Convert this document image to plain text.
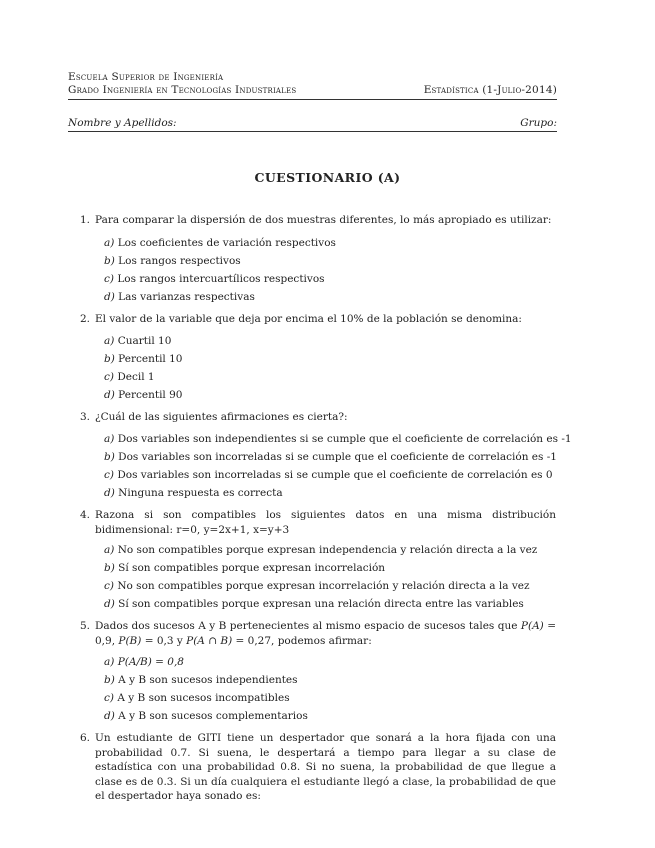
Escuela Superior de Ingeniería
Grado Ingeniería en Tecnologías Industriales	Estadística (1-Julio-2014)
Nombre y Apellidos:	Grupo:
CUESTIONARIO (A)
1. Para comparar la dispersión de dos muestras diferentes, lo más apropiado es utilizar:
a) Los coeficientes de variación respectivos
b) Los rangos respectivos
c) Los rangos intercuartílicos respectivos
d) Las varianzas respectivas
2. El valor de la variable que deja por encima el 10% de la población se denomina:
a) Cuartil 10
b) Percentil 10
c) Decil 1
d) Percentil 90
3. ¿Cuál de las siguientes afirmaciones es cierta?:
a) Dos variables son independientes si se cumple que el coeficiente de correlación es -1
b) Dos variables son incorreladas si se cumple que el coeficiente de correlación es -1
c) Dos variables son incorreladas si se cumple que el coeficiente de correlación es 0
d) Ninguna respuesta es correcta
4. Razona si son compatibles los siguientes datos en una misma distribución bidimensional: r=0, y=2x+1, x=y+3
a) No son compatibles porque expresan independencia y relación directa a la vez
b) Sí son compatibles porque expresan incorrelación
c) No son compatibles porque expresan incorrelación y relación directa a la vez
d) Sí son compatibles porque expresan una relación directa entre las variables
5. Dados dos sucesos A y B pertenecientes al mismo espacio de sucesos tales que P(A) = 0,9, P(B) = 0,3 y P(A ∩ B) = 0,27, podemos afirmar:
a) P(A/B) = 0,8
b) A y B son sucesos independientes
c) A y B son sucesos incompatibles
d) A y B son sucesos complementarios
6. Un estudiante de GITI tiene un despertador que sonará a la hora fijada con una probabilidad 0.7. Si suena, le despertará a tiempo para llegar a su clase de estadística con una probabilidad 0.8. Si no suena, la probabilidad de que llegue a clase es de 0.3. Si un día cualquiera el estudiante llegó a clase, la probabilidad de que el despertador haya sonado es:
